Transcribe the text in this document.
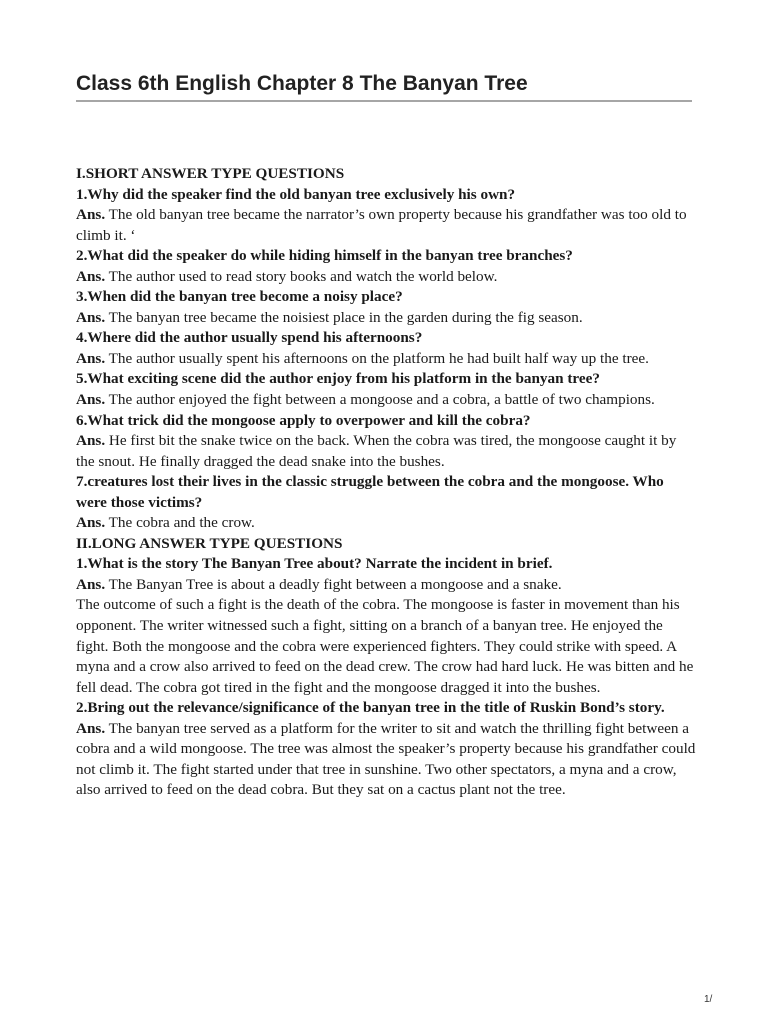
Class 6th English Chapter 8 The Banyan Tree

I.SHORT ANSWER TYPE QUESTIONS

1.Why did the speaker find the old banyan tree exclusively his own?

Ans. The old banyan tree became the narrator’s own property because his grandfather was too old to climb it. ‘

2.What did the speaker do while hiding himself in the banyan tree branches?

Ans. The author used to read story books and watch the world below.

3.When did the banyan tree become a noisy place?

Ans. The banyan tree became the noisiest place in the garden during the fig season.

4.Where did the author usually spend his afternoons?

Ans. The author usually spent his afternoons on the platform he had built half way up the tree.

5.What exciting scene did the author enjoy from his platform in the banyan tree?

Ans. The author enjoyed the fight between a mongoose and a cobra, a battle of two champions.

6.What trick did the mongoose apply to overpower and kill the cobra?

Ans. He first bit the snake twice on the back. When the cobra was tired, the mongoose caught it by the snout. He finally dragged the dead snake into the bushes.

7.creatures lost their lives in the classic struggle between the cobra and the mongoose. Who were those victims?

Ans. The cobra and the crow.

II.LONG ANSWER TYPE QUESTIONS

1.What is the story The Banyan Tree about? Narrate the incident in brief.

Ans. The Banyan Tree is about a deadly fight between a mongoose and a snake.

The outcome of such a fight is the death of the cobra. The mongoose is faster in movement than his opponent. The writer witnessed such a fight, sitting on a branch of a banyan tree. He enjoyed the fight. Both the mongoose and the cobra were experienced fighters. They could strike with speed. A myna and a crow also arrived to feed on the dead crew. The crow had hard luck. He was bitten and he fell dead. The cobra got tired in the fight and the mongoose dragged it into the bushes.

2.Bring out the relevance/significance of the banyan tree in the title of Ruskin Bond’s story.

Ans. The banyan tree served as a platform for the writer to sit and watch the thrilling fight between a cobra and a wild mongoose. The tree was almost the speaker’s property because his grandfather could not climb it. The fight started under that tree in sunshine. Two other spectators, a myna and a crow, also arrived to feed on the dead cobra. But they sat on a cactus plant not the tree.

1/
